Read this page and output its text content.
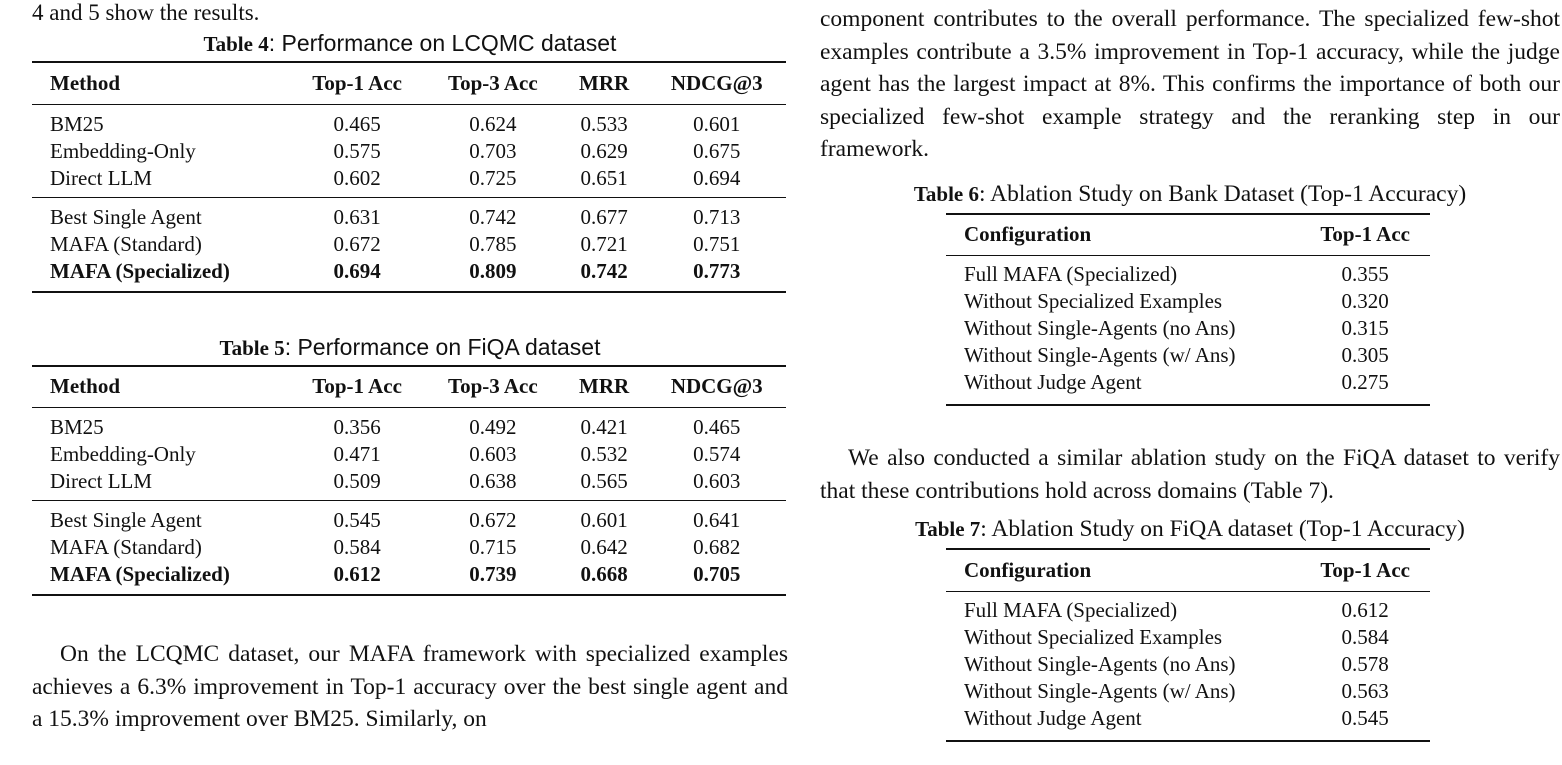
4 and 5 show the results.

Table 4: Performance on LCQMC dataset
Method	Top-1 Acc	Top-3 Acc	MRR	NDCG@3
BM25	0.465	0.624	0.533	0.601
Embedding-Only	0.575	0.703	0.629	0.675
Direct LLM	0.602	0.725	0.651	0.694
Best Single Agent	0.631	0.742	0.677	0.713
MAFA (Standard)	0.672	0.785	0.721	0.751
MAFA (Specialized)	0.694	0.809	0.742	0.773
Table 5: Performance on FiQA dataset
Method	Top-1 Acc	Top-3 Acc	MRR	NDCG@3
BM25	0.356	0.492	0.421	0.465
Embedding-Only	0.471	0.603	0.532	0.574
Direct LLM	0.509	0.638	0.565	0.603
Best Single Agent	0.545	0.672	0.601	0.641
MAFA (Standard)	0.584	0.715	0.642	0.682
MAFA (Specialized)	0.612	0.739	0.668	0.705

On the LCQMC dataset, our MAFA framework with specialized examples achieves a 6.3% improvement in Top-1 accuracy over the best single agent and a 15.3% improvement over BM25. Similarly, on

component contributes to the overall performance. The specialized few-shot examples contribute a 3.5% improvement in Top-1 accuracy, while the judge agent has the largest impact at 8%. This confirms the importance of both our specialized few-shot example strategy and the reranking step in our framework.

Table 6: Ablation Study on Bank Dataset (Top-1 Accuracy)
Configuration	Top-1 Acc
Full MAFA (Specialized)	0.355
Without Specialized Examples	0.320
Without Single-Agents (no Ans)	0.315
Without Single-Agents (w/ Ans)	0.305
Without Judge Agent	0.275

We also conducted a similar ablation study on the FiQA dataset to verify that these contributions hold across domains (Table 7).

Table 7: Ablation Study on FiQA dataset (Top-1 Accuracy)
Configuration	Top-1 Acc
Full MAFA (Specialized)	0.612
Without Specialized Examples	0.584
Without Single-Agents (no Ans)	0.578
Without Single-Agents (w/ Ans)	0.563
Without Judge Agent	0.545
